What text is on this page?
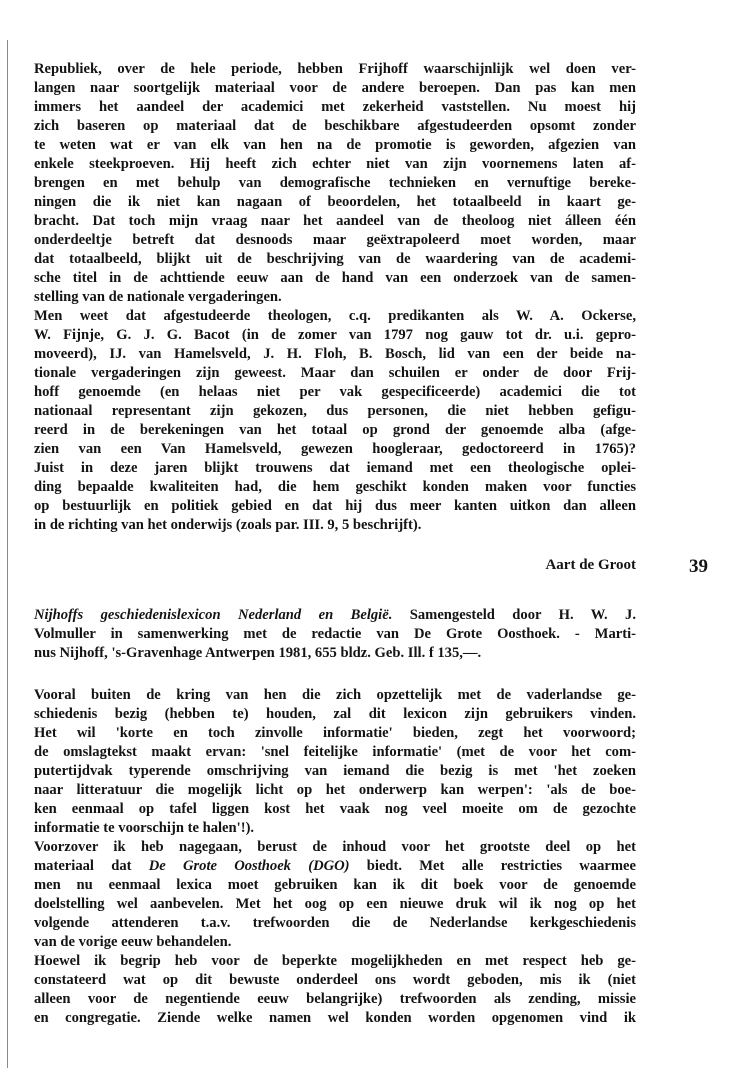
Republiek, over de hele periode, hebben Frijhoff waarschijnlijk wel doen ver-
langen naar soortgelijk materiaal voor de andere beroepen. Dan pas kan men
immers het aandeel der academici met zekerheid vaststellen. Nu moest hij
zich baseren op materiaal dat de beschikbare afgestudeerden opsomt zonder
te weten wat er van elk van hen na de promotie is geworden, afgezien van
enkele steekproeven. Hij heeft zich echter niet van zijn voornemens laten af-
brengen en met behulp van demografische technieken en vernuftige bereke-
ningen die ik niet kan nagaan of beoordelen, het totaalbeeld in kaart ge-
bracht. Dat toch mijn vraag naar het aandeel van de theoloog niet álleen één
onderdeeltje betreft dat desnoods maar geëxtrapoleerd moet worden, maar
dat totaalbeeld, blijkt uit de beschrijving van de waardering van de academi-
sche titel in de achttiende eeuw aan de hand van een onderzoek van de samen-
stelling van de nationale vergaderingen.
Men weet dat afgestudeerde theologen, c.q. predikanten als W. A. Ockerse,
W. Fijnje, G. J. G. Bacot (in de zomer van 1797 nog gauw tot dr. u.i. gepro-
moveerd), IJ. van Hamelsveld, J. H. Floh, B. Bosch, lid van een der beide na-
tionale vergaderingen zijn geweest. Maar dan schuilen er onder de door Frij-
hoff genoemde (en helaas niet per vak gespecificeerde) academici die tot
nationaal representant zijn gekozen, dus personen, die niet hebben gefigu-
reerd in de berekeningen van het totaal op grond der genoemde alba (afge-
zien van een Van Hamelsveld, gewezen hoogleraar, gedoctoreerd in 1765)?
Juist in deze jaren blijkt trouwens dat iemand met een theologische oplei-
ding bepaalde kwaliteiten had, die hem geschikt konden maken voor functies
op bestuurlijk en politiek gebied en dat hij dus meer kanten uitkon dan alleen
in de richting van het onderwijs (zoals par. III. 9, 5 beschrijft).
Aart de Groot	39
Nijhoffs geschiedenislexicon Nederland en België. Samengesteld door H. W. J.
Volmuller in samenwerking met de redactie van De Grote Oosthoek. - Marti-
nus Nijhoff, 's-Gravenhage Antwerpen 1981, 655 bldz. Geb. Ill. f 135,—.
Vooral buiten de kring van hen die zich opzettelijk met de vaderlandse ge-
schiedenis bezig (hebben te) houden, zal dit lexicon zijn gebruikers vinden.
Het wil 'korte en toch zinvolle informatie' bieden, zegt het voorwoord;
de omslagtekst maakt ervan: 'snel feitelijke informatie' (met de voor het com-
putertijdvak typerende omschrijving van iemand die bezig is met 'het zoeken
naar litteratuur die mogelijk licht op het onderwerp kan werpen': 'als de boe-
ken eenmaal op tafel liggen kost het vaak nog veel moeite om de gezochte
informatie te voorschijn te halen'!).
Voorzover ik heb nagegaan, berust de inhoud voor het grootste deel op het
materiaal dat De Grote Oosthoek (DGO) biedt. Met alle restricties waarmee
men nu eenmaal lexica moet gebruiken kan ik dit boek voor de genoemde
doelstelling wel aanbevelen. Met het oog op een nieuwe druk wil ik nog op het
volgende attenderen t.a.v. trefwoorden die de Nederlandse kerkgeschiedenis
van de vorige eeuw behandelen.
Hoewel ik begrip heb voor de beperkte mogelijkheden en met respect heb ge-
constateerd wat op dit bewuste onderdeel ons wordt geboden, mis ik (niet
alleen voor de negentiende eeuw belangrijke) trefwoorden als zending, missie
en congregatie. Ziende welke namen wel konden worden opgenomen vind ik
